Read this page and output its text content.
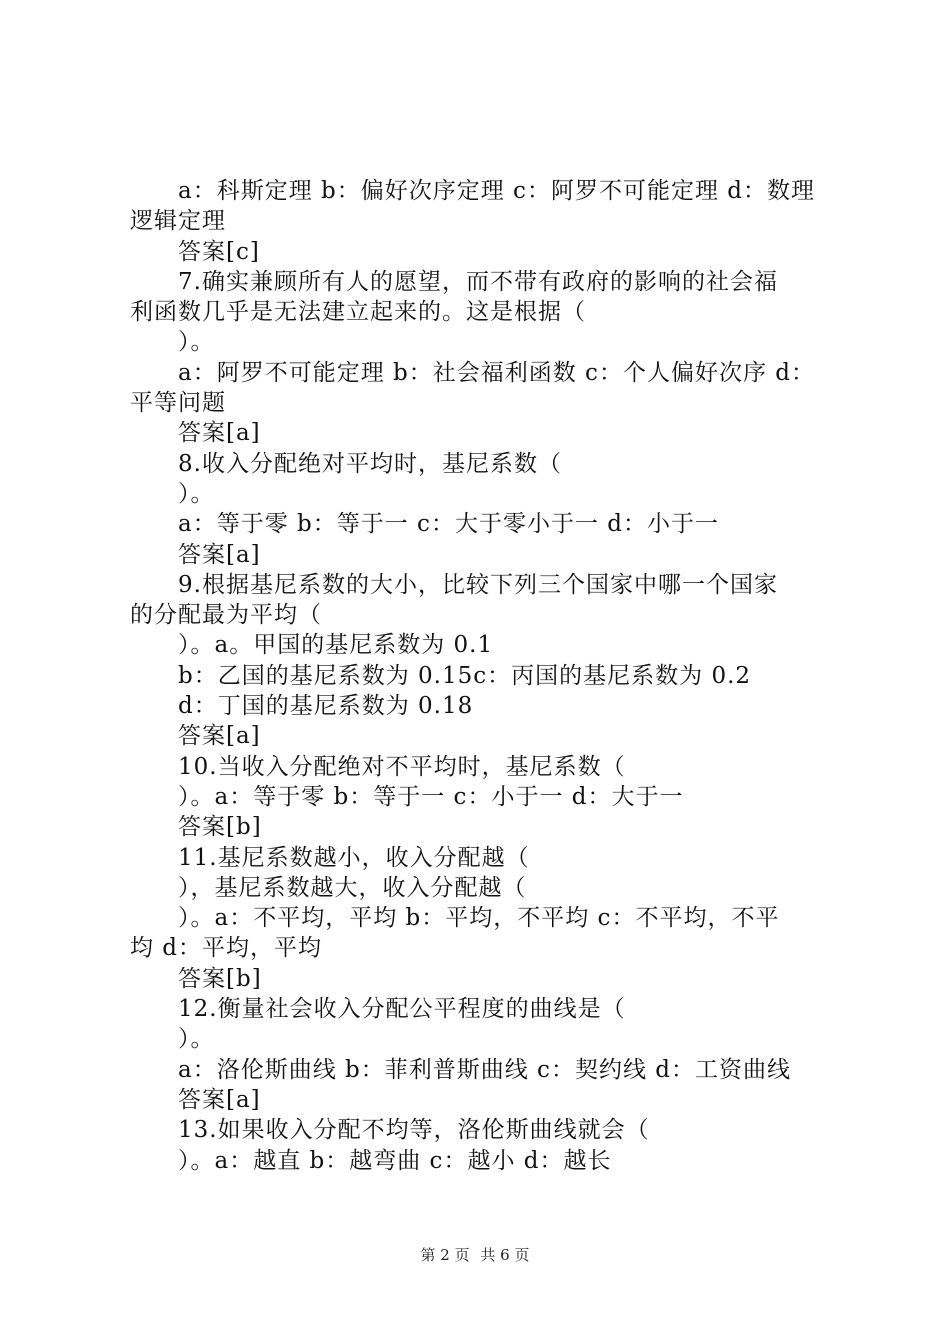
a：科斯定理 b：偏好次序定理 c：阿罗不可能定理 d：数理
逻辑定理
答案[c]
7.确实兼顾所有人的愿望，而不带有政府的影响的社会福
利函数几乎是无法建立起来的。这是根据（
）。
a：阿罗不可能定理 b：社会福利函数 c：个人偏好次序 d：
平等问题
答案[a]
8.收入分配绝对平均时，基尼系数（
）。
a：等于零 b：等于一 c：大于零小于一 d：小于一
答案[a]
9.根据基尼系数的大小，比较下列三个国家中哪一个国家
的分配最为平均（
）。a。甲国的基尼系数为 0.1
b：乙国的基尼系数为 0.15c：丙国的基尼系数为 0.2
d：丁国的基尼系数为 0.18
答案[a]
10.当收入分配绝对不平均时，基尼系数（
）。a：等于零 b：等于一 c：小于一 d：大于一
答案[b]
11.基尼系数越小，收入分配越（
），基尼系数越大，收入分配越（
）。a：不平均，平均 b：平均，不平均 c：不平均，不平
均 d：平均，平均
答案[b]
12.衡量社会收入分配公平程度的曲线是（
）。
a：洛伦斯曲线 b：菲利普斯曲线 c：契约线 d：工资曲线
答案[a]
13.如果收入分配不均等，洛伦斯曲线就会（
）。a：越直 b：越弯曲 c：越小 d：越长
第 2 页 共 6 页
